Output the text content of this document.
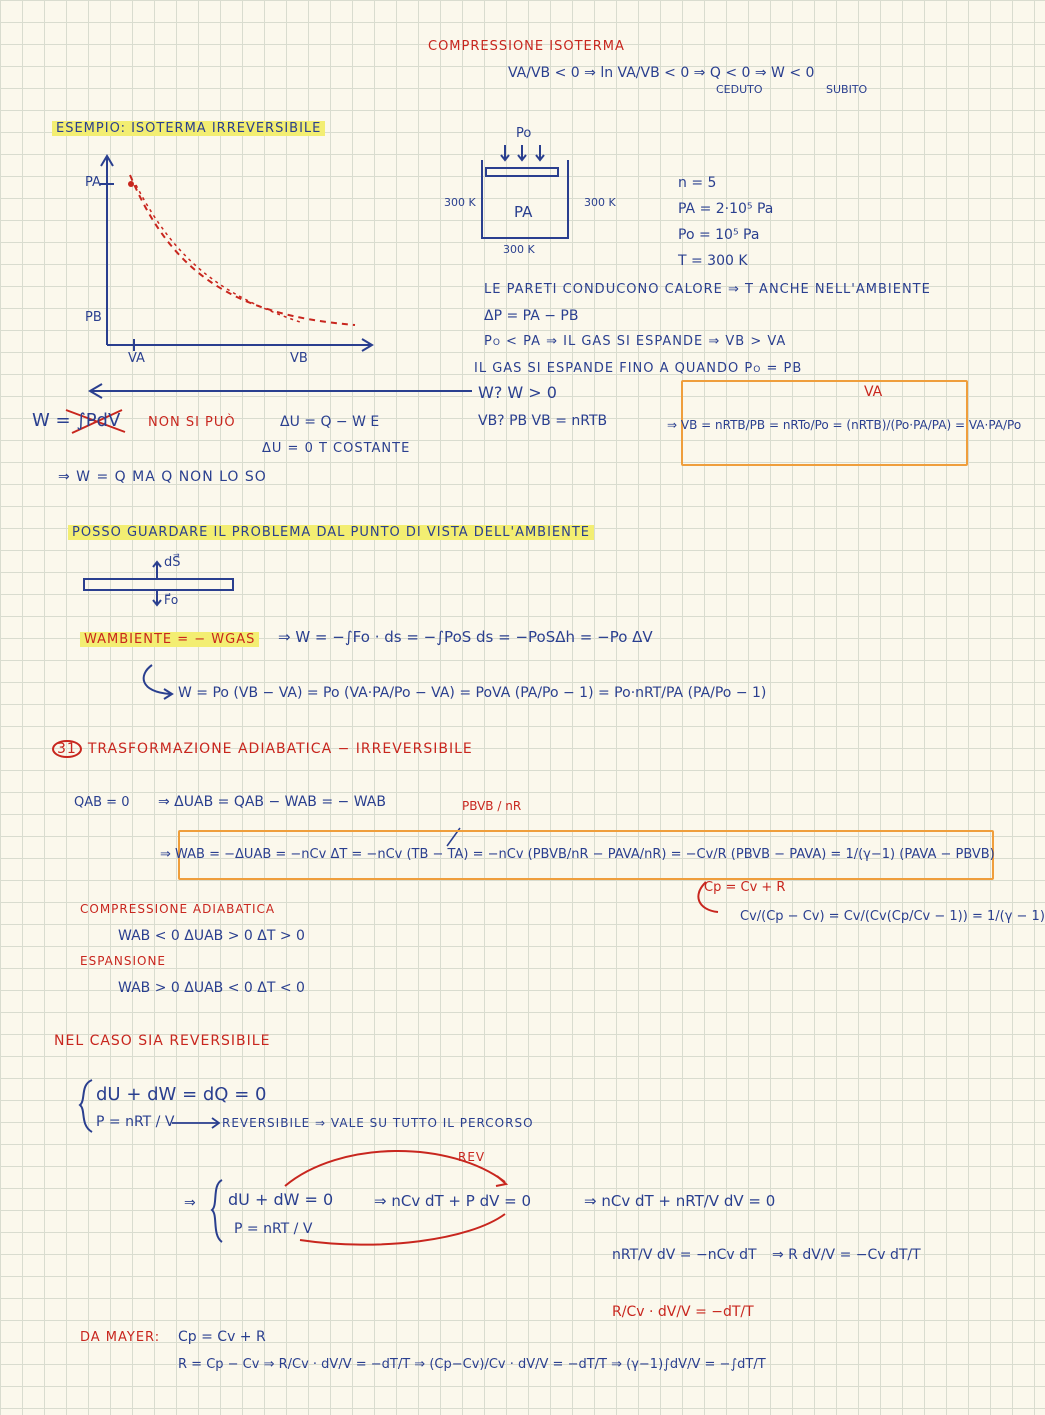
COMPRESSIONE ISOTERMA
VA/VB < 0 ⇒ ln VA/VB < 0 ⇒ Q < 0 ⇒ W < 0
CEDUTO	SUBITO
ESEMPIO: ISOTERMA IRREVERSIBILE
PA
PB
VA	VB
Po
PA
300 K	300 K
300 K
n = 5
PA = 2·10⁵ Pa
Po = 10⁵ Pa
T = 300 K
LE PARETI CONDUCONO CALORE ⇒ T ANCHE NELL'AMBIENTE
ΔP = PA − PB
Po < PA ⇒ IL GAS SI ESPANDE ⇒ VB > VA
IL GAS SI ESPANDE FINO A QUANDO Po = PB
W? W > 0
VB? PB VB = nRTB
VA
⇒ VB = nRTB/PB = nRTo/Po = (nRTB)/(Po·PA/PA) = VA·PA/Po
W = ∫PdV NON SI PUÒ	ΔU = Q − W E
ΔU = 0 T COSTANTE
⇒ W = Q MA Q NON LO SO
POSSO GUARDARE IL PROBLEMA DAL PUNTO DI VISTA DELL'AMBIENTE
dS⃗
F⃗o
WAMBIENTE = − WGAS ⇒ W = −∫Fo · ds = −∫PoS ds = −PoSΔh = −Po ΔV
W = Po (VB − VA) = Po (VA·PA/Po − VA) = PoVA (PA/Po − 1) = Po·nRT/PA (PA/Po − 1)
31 TRASFORMAZIONE ADIABATICA − IRREVERSIBILE
QAB = 0 ⇒ ΔUAB = QAB − WAB = − WAB	PBVB / nR
⇒ WAB = −ΔUAB = −nCv ΔT = −nCv (TB − TA) = −nCv (PBVB/nR − PAVA/nR) = −Cv/R (PBVB − PAVA) = 1/(γ−1) (PAVA − PBVB)
Cp = Cv + R
Cv/(Cp − Cv) = Cv/(Cv(Cp/Cv − 1)) = 1/(γ − 1)
COMPRESSIONE ADIABATICA
WAB < 0 ΔUAB > 0 ΔT > 0
ESPANSIONE
WAB > 0 ΔUAB < 0 ΔT < 0
NEL CASO SIA REVERSIBILE
dU + dW = dQ = 0
P = nRT / V	REVERSIBILE ⇒ VALE SU TUTTO IL PERCORSO
REV
⇒ dU + dW = 0
P = nRT / V
⇒ nCv dT + P dV = 0	⇒ nCv dT + nRT/V dV = 0
nRT/V dV = −nCv dT ⇒ R dV/V = −Cv dT/T
R/Cv · dV/V = −dT/T
DA MAYER: Cp = Cv + R
R = Cp − Cv ⇒ R/Cv · dV/V = −dT/T ⇒ (Cp−Cv)/Cv · dV/V = −dT/T ⇒ (γ−1)∫dV/V = −∫dT/T
